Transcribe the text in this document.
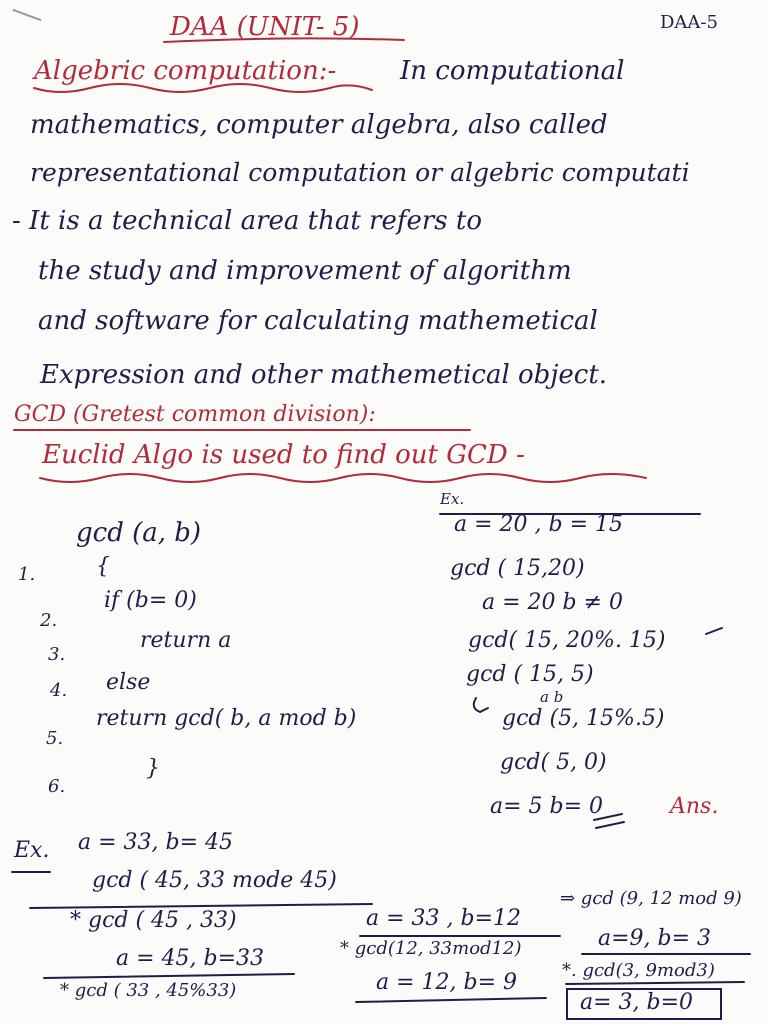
DAA (UNIT- 5)	DAA-5
Algebric computation:- In computational
mathematics, computer algebra, also called
representational computation or algebric computati
- It is a technical area that refers to
the study and improvement of algorithm
and software for calculating mathemetical
Expression and other mathemetical object.
GCD (Gretest common division):
Euclid Algo is used to find out GCD -
gcd (a, b)
1.	{
2.
if (b= 0)
3.
return a
4. else
5.
return gcd( b, a mod b)
6.
}
Ex.
a = 20 , b = 15
gcd ( 15,20)
a = 20 b ≠ 0
gcd( 15, 20%. 15)
gcd ( 15, 5)
a b
gcd (5, 15%.5)
gcd( 5, 0)
a= 5 b= 0	Ans.
Ex. a = 33, b= 45
gcd ( 45, 33 mode 45)
* gcd ( 45 , 33)
a = 45, b=33
* gcd ( 33 , 45%33)
a = 33 , b=12
* gcd(12, 33mod12)
a = 12, b= 9
⇒ gcd (9, 12 mod 9)
a=9, b= 3
*. gcd(3, 9mod3)
a= 3, b=0
